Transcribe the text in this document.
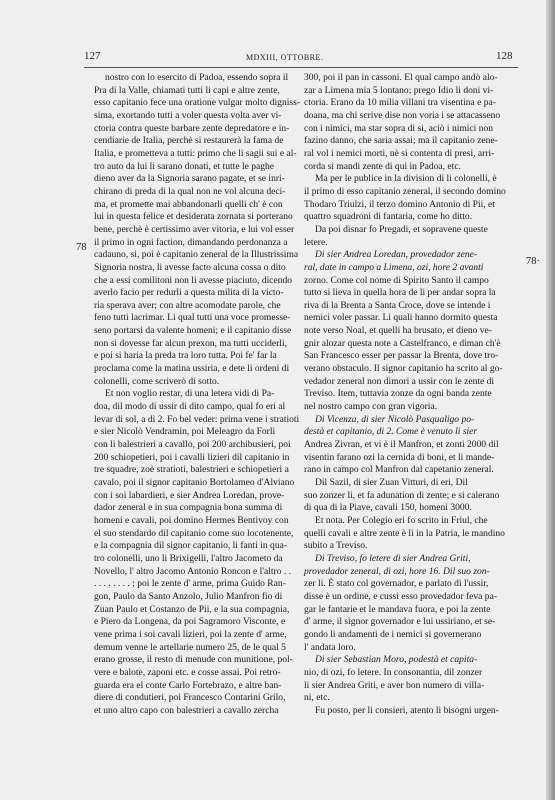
127	MDXIII, OTTOBRE.	128
78
78·

nostro con lo esercito di Padoa, essendo sopra il

Pra di la Valle, chiamati tutti li capi e altre zente,

esso capitanio fece una oratione vulgar molto digniss-

sima, exortando tutti a voler questa volta aver vi-

ctoria contra queste barbare zente depredatore e in-

cendiarie de Italia, perchè si restaurerà la fama de

Italia, e prometteva a tutti: primo che li sagii sui e al-

tro auto da lui li sarano donati, et tutte le paghe

dieno aver da la Signoria sarano pagate, et se inri-

chirano di preda di la qual non ne vol alcuna deci-

ma, et promette mai abbandonarli quelli ch' è con

lui in questa felice et desiderata zornata si porterano

bene, perchè è certissimo aver vitoria, e lui vol esser

il primo in ogni faction, dimandando perdonanza a

cadauno, si, poi è capitanio zeneral de la Illustrissima

Signoria nostra, li avesse facto alcuna cossa o dito

che a essi comilitoni non li avesse piaciuto, dicendo

averlo facio per redurli a questa milita di la victo-

ria sperava aver; con altre acomodate parole, che

feno tutti lacrimar. Li qual tutti una voce promesse-

seno portarsi da valente homeni; e il capitanio disse

non si dovesse far alcun prexon, ma tutti ucciderli,

e poi si haria la preda tra loro tutta. Poi fe' far la

proclama come la matina ussiria, e dete li ordeni di

colonelli, come scriverò di sotto.

Et non voglio restar, di una letera vidi di Pa-

doa, dil modo di ussir di dito campo, qual fo eri al

levar di sol, a dì 2. Fo bel veder: prima vene i stratioti

e sier Nicolò Vendramin, poi Meleagro da Forlì

con li balestrieri a cavallo, poi 200 archibusieri, poi

200 schiopetieri, poi i cavalli lizieri dil capitanio in

tre squadre, zoè stratioti, balestrieri e schiopetieri a

cavalo, poi il signor capitanio Bortolameo d'Alviano

con i soi labardieri, e sier Andrea Loredan, prove-

dador zeneral e in sua compagnia bona summa di

homeni e cavali, poi domino Hermes Bentivoy con

el suo stendardo dil capitanio come suo locotenente,

e la compagnia dil signor capitanio, li fanti in qua-

tro colonelli, uno li Brixigelli, l'altro Jacometo da

Novello, l' altro Jacomo Antonio Roncon e l'altro . .

. . . . . . . . ; poi le zente d' arme, prima Guido Ran-

gon, Paulo da Santo Anzolo, Julio Manfron fio di

Zuan Paulo et Costanzo de Pii, e la sua compagnia,

e Piero da Longena, da poi Sagramoro Visconte, e

vene prima i soi cavali lizieri, poi la zente d' arme,

demum venne le artellarie numero 25, de le qual 5

erano grosse, il resto di menude con munitione, pol-

vere e balote, zaponi etc. e cosse assai. Poi retro-

guarda era el conte Carlo Fortebrazo, e altre ban-

diere di condutieri, poi Francesco Contarini Grilo,

et uno altro capo con balestrieri a cavallo zercha

300, poi il pan in cassoni. El qual campo andò alo-

zar a Limena mia 5 lontano; prego Idio li doni vi-

ctoria. Erano da 10 milia villani tra visentina e pa-

doana, ma chi scrive dise non voria i se attacasseno

con i nimici, ma star sopra di si, aciò i nimici non

fazino danno, che saria assai; ma il capitanio zene-

ral vol i nemici morti, nè si contenta di presi, arri-

corda si mandi zente di qui in Padoa, etc.

Ma per le publice in la division di li colonelli, è

il primo di esso capitanio zeneral, il secondo domino

Thodaro Triulzi, il terzo domino Antonio di Pii, et

quattro squadroni di fantaria, come ho ditto.

Da poi disnar fo Pregadi, et sopravene queste

letere.

Di sier Andrea Loredan, provedador zene-

ral, date in campo a Limena, ozi, hore 2 avanti

zorno. Come col nome di Spirito Santo il campo

tutto si lieva in quella hora de li per andar sopra la

riva di la Brenta a Santa Croce, dove se intende i

nemici voler passar. Li quali hanno dormito questa

note verso Noal, et quelli ha brusato, et dieno ve-

gnir alozar questa note a Castelfranco, e diman ch'è

San Francesco esser per passar la Brenta, dove tro-

verano obstaculo. Il signor capitanio ha scrito al go-

vedador zeneral non dimori a ussir con le zente di

Treviso. Item, tuttavia zonze da ogni banda zente

nel nostro campo con gran vigoria.

Di Vicenza, di sier Nicolò Pasqualigo po-

destà et capitanio, di 2. Come è venuto li sier

Andrea Zivran, et vi è il Manfron, et zonti 2000 dil

visentin farano ozi la cernida di boni, et li mande-

rano in campo col Manfron dal capetanio zeneral.

Dil Sazil, di sier Zuan Vitturi, di eri, Dil

suo zonzer li, et fa adunation di zente; e si calerano

di qua di la Piave, cavali 150, homeni 3000.

Et nota. Per Colegio eri fo scrito in Friul, che

quelli cavali e altre zente è lì in la Patria, le mandino

subito a Treviso.

Di Treviso, fo letere di sier Andrea Griti,

provedador zeneral, di ozi, hore 16. Dil suo zon-

zer li. È stato col governador, e parlato di l'ussir,

disse è un ordine, e cussi esso provedador feva pa-

gar le fantarie et le mandava fuora, e poi la zente

d' arme, il signor governador e lui ussiriano, et se-

gondo li andamenti de i nemici si governerano

l' andata loro.

Di sier Sebastian Moro, podestà et capita-

nio, di ozi, fo letere. In consonantia, dil zonzer

li sier Andrea Griti, e aver bon numero di villa-

ni, etc.

Fu posto, per li consieri, atento li bisogni urgen-
